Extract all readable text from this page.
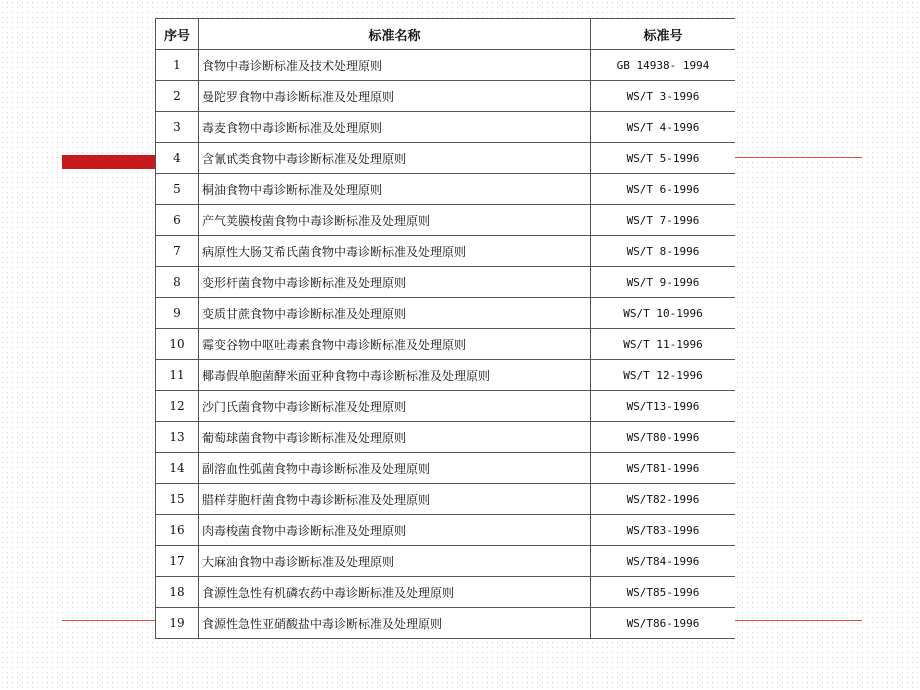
序号	标准名称	标准号
1	食物中毒诊断标准及技术处理原则	GB 14938- 1994
2	曼陀罗食物中毒诊断标准及处理原则	WS/T 3-1996
3	毒麦食物中毒诊断标准及处理原则	WS/T 4-1996
4	含氰甙类食物中毒诊断标准及处理原则	WS/T 5-1996
5	桐油食物中毒诊断标准及处理原则	WS/T 6-1996
6	产气荚膜梭菌食物中毒诊断标准及处理原则	WS/T 7-1996
7	病原性大肠艾希氏菌食物中毒诊断标准及处理原则	WS/T 8-1996
8	变形杆菌食物中毒诊断标准及处理原则	WS/T 9-1996
9	变质甘蔗食物中毒诊断标准及处理原则	WS/T 10-1996
10	霉变谷物中呕吐毒素食物中毒诊断标准及处理原则	WS/T 11-1996
11	椰毒假单胞菌酵米面亚种食物中毒诊断标准及处理原则	WS/T 12-1996
12	沙门氏菌食物中毒诊断标准及处理原则	WS/T13-1996
13	葡萄球菌食物中毒诊断标准及处理原则	WS/T80-1996
14	副溶血性弧菌食物中毒诊断标准及处理原则	WS/T81-1996
15	腊样芽胞杆菌食物中毒诊断标准及处理原则	WS/T82-1996
16	肉毒梭菌食物中毒诊断标准及处理原则	WS/T83-1996
17	大麻油食物中毒诊断标准及处理原则	WS/T84-1996
18	食源性急性有机磷农药中毒诊断标准及处理原则	WS/T85-1996
19	食源性急性亚硝酸盐中毒诊断标准及处理原则	WS/T86-1996
